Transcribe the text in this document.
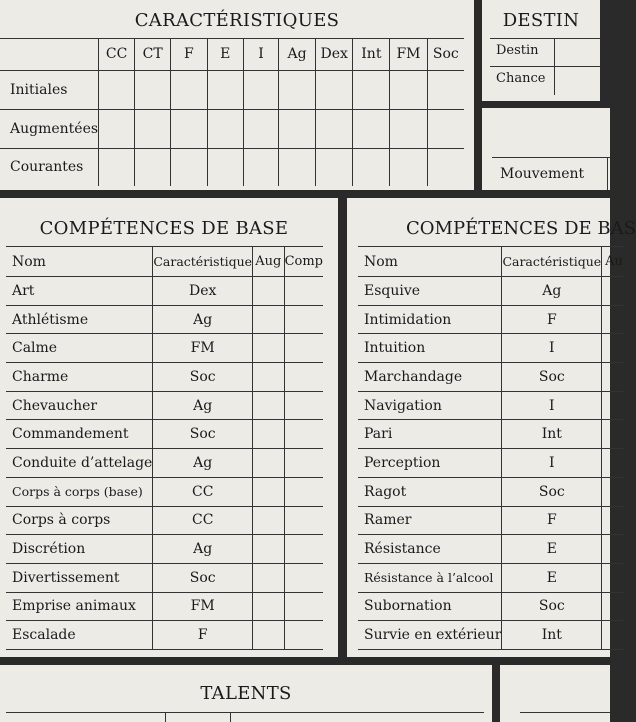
CARACTÉRISTIQUES
	CC	CT	F	E	I	Ag	Dex	Int	FM	Soc
Initiales										
Augmentées										
Courantes										
DESTIN
Destin
Chance
Mouvement
COMPÉTENCES DE BASE
Nom	Caractéristique	Aug	Comp
Art	Dex		
Athlétisme	Ag		
Calme	FM		
Charme	Soc		
Chevaucher	Ag		
Commandement	Soc		
Conduite d’attelage	Ag		
Corps à corps (base)	CC		
Corps à corps	CC		
Discrétion	Ag		
Divertissement	Soc		
Emprise animaux	FM		
Escalade	F		
COMPÉTENCES DE BAS
Nom	Caractéristique	Au
Esquive	Ag	
Intimidation	F	
Intuition	I	
Marchandage	Soc	
Navigation	I	
Pari	Int	
Perception	I	
Ragot	Soc	
Ramer	F	
Résistance	E	
Résistance à l’alcool	E	
Subornation	Soc	
Survie en extérieur	Int	
TALENTS
